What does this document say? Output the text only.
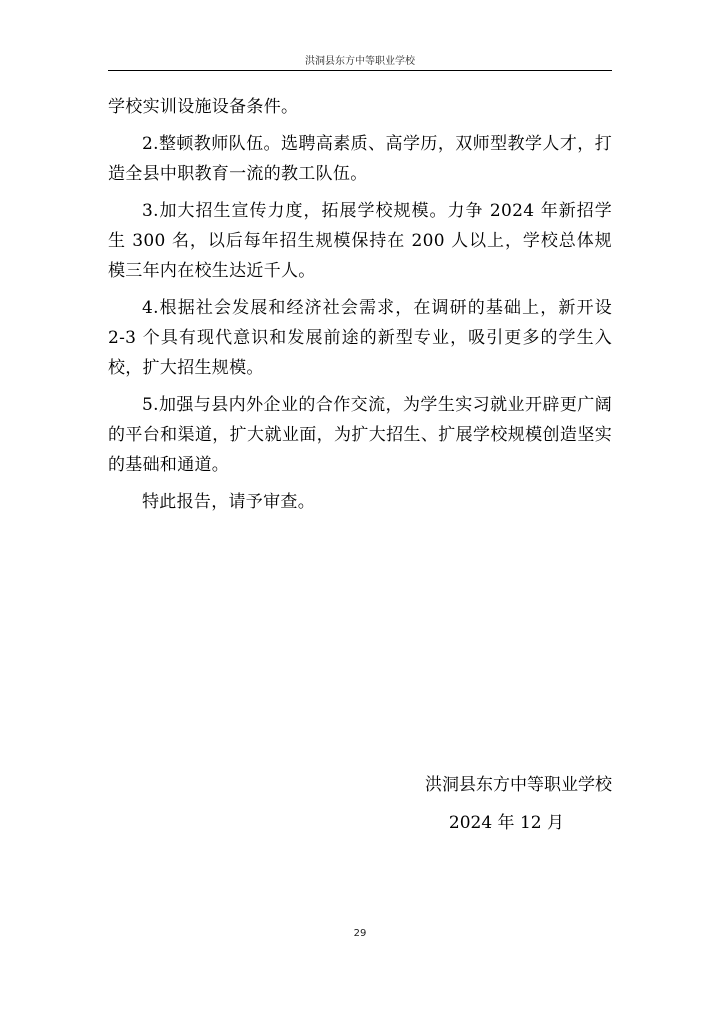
洪洞县东方中等职业学校

学校实训设施设备条件。

2.整顿教师队伍。选聘高素质、高学历，双师型教学人才，打造全县中职教育一流的教工队伍。

3.加大招生宣传力度，拓展学校规模。力争 2024 年新招学生 300 名，以后每年招生规模保持在 200 人以上，学校总体规模三年内在校生达近千人。

4.根据社会发展和经济社会需求，在调研的基础上，新开设 2-3 个具有现代意识和发展前途的新型专业，吸引更多的学生入校，扩大招生规模。

5.加强与县内外企业的合作交流，为学生实习就业开辟更广阔的平台和渠道，扩大就业面，为扩大招生、扩展学校规模创造坚实的基础和通道。

特此报告，请予审查。

洪洞县东方中等职业学校
2024 年 12 月
29
